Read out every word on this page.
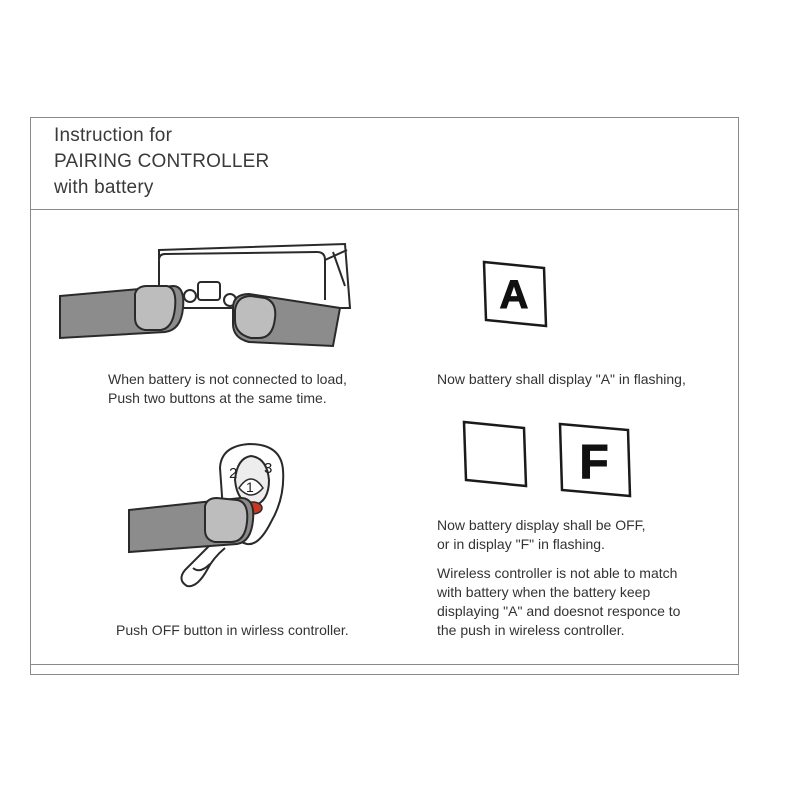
Instruction for
PAIRING CONTROLLER
with battery
When battery is not connected to load,
Push two buttons at the same time.
A
Now battery shall display "A" in flashing,
2 3
1
Push OFF button in wirless controller.
F
Now battery display shall be OFF,
or in display "F" in flashing.
Wireless controller is not able to match
with battery when the battery keep
displaying "A" and doesnot responce to
the push in wireless controller.
